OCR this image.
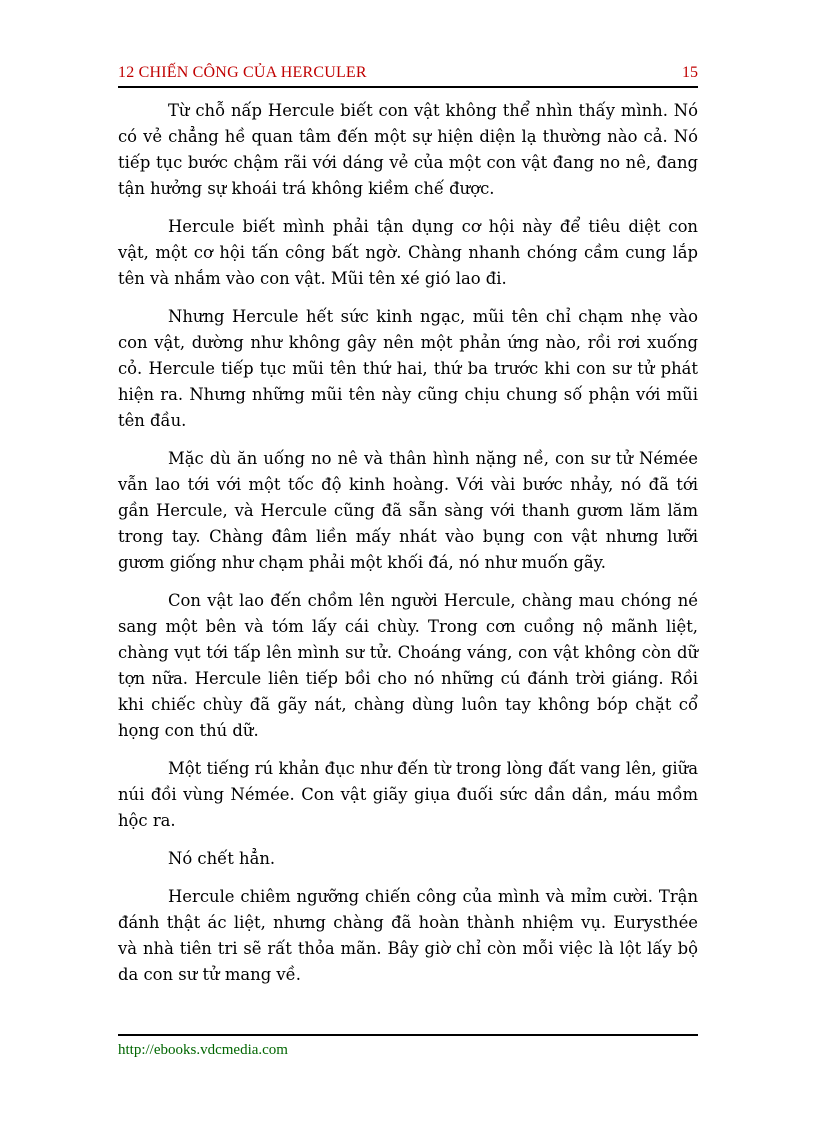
12 CHIẾN CÔNG CỦA HERCULER	15

Từ chỗ nấp Hercule biết con vật không thể nhìn thấy mình. Nó có vẻ chẳng hề quan tâm đến một sự hiện diện lạ thường nào cả. Nó tiếp tục bước chậm rãi với dáng vẻ của một con vật đang no nê, đang tận hưởng sự khoái trá không kiềm chế được.

Hercule biết mình phải tận dụng cơ hội này để tiêu diệt con vật, một cơ hội tấn công bất ngờ. Chàng nhanh chóng cầm cung lắp tên và nhắm vào con vật. Mũi tên xé gió lao đi.

Nhưng Hercule hết sức kinh ngạc, mũi tên chỉ chạm nhẹ vào con vật, dường như không gây nên một phản ứng nào, rồi rơi xuống cỏ. Hercule tiếp tục mũi tên thứ hai, thứ ba trước khi con sư tử phát hiện ra. Nhưng những mũi tên này cũng chịu chung số phận với mũi tên đầu.

Mặc dù ăn uống no nê và thân hình nặng nề, con sư tử Némée vẫn lao tới với một tốc độ kinh hoàng. Với vài bước nhảy, nó đã tới gần Hercule, và Hercule cũng đã sẵn sàng với thanh gươm lăm lăm trong tay. Chàng đâm liền mấy nhát vào bụng con vật nhưng lưỡi gươm giống như chạm phải một khối đá, nó như muốn gãy.

Con vật lao đến chồm lên người Hercule, chàng mau chóng né sang một bên và tóm lấy cái chùy. Trong cơn cuồng nộ mãnh liệt, chàng vụt tới tấp lên mình sư tử. Choáng váng, con vật không còn dữ tợn nữa. Hercule liên tiếp bồi cho nó những cú đánh trời giáng. Rồi khi chiếc chùy đã gãy nát, chàng dùng luôn tay không bóp chặt cổ họng con thú dữ.

Một tiếng rú khản đục như đến từ trong lòng đất vang lên, giữa núi đồi vùng Némée. Con vật giãy giụa đuối sức dần dần, máu mồm hộc ra.

Nó chết hẳn.

Hercule chiêm ngưỡng chiến công của mình và mỉm cười. Trận đánh thật ác liệt, nhưng chàng đã hoàn thành nhiệm vụ. Eurysthée và nhà tiên tri sẽ rất thỏa mãn. Bây giờ chỉ còn mỗi việc là lột lấy bộ da con sư tử mang về.

http://ebooks.vdcmedia.com
